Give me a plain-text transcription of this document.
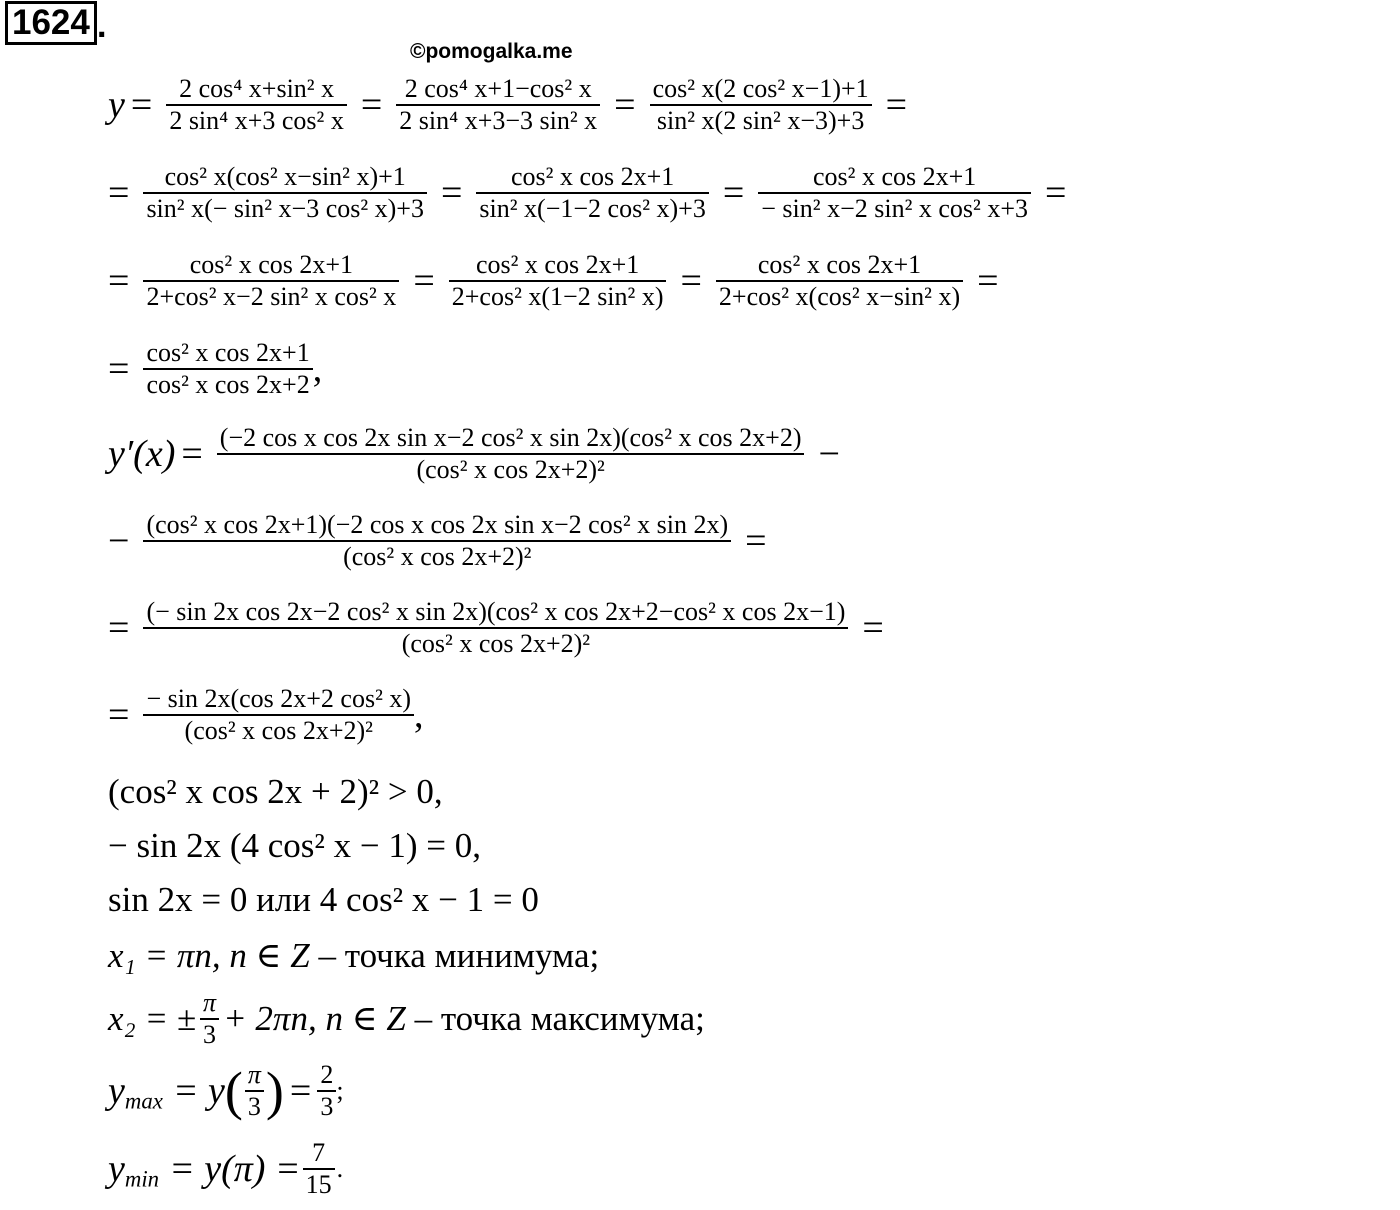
1624 .
©pomogalka.me
$y = \frac{\text{2 cos⁴ x+sin² x}}{\text{2 sin⁴ x+3 cos² x}} = \frac{\text{2 cos⁴ x+1−cos² x}}{\text{2 sin⁴ x+3−3 sin² x}} = \frac{\text{cos² x(2 cos² x−1)+1}}{\text{sin² x(2 sin² x−3)+3}}$ =
= $\frac{\text{cos² x(cos² x−sin² x)+1}}{\text{sin² x(− sin² x−3 cos² x)+3}} = \frac{\text{cos² x cos 2x+1}}{\text{sin² x(−1−2 cos² x)+3}} = \frac{\text{cos² x cos 2x+1}}{\text{− sin² x−2 sin² x cos² x+3}}$ =
= $\frac{\text{cos² x cos 2x+1}}{\text{2+cos² x−2 sin² x cos² x}} = \frac{\text{cos² x cos 2x+1}}{\text{2+cos² x(1−2 sin² x)}} = \frac{\text{cos² x cos 2x+1}}{\text{2+cos² x(cos² x−sin² x)}}$ =
= $\frac{\text{cos² x cos 2x+1}}{\text{cos² x cos 2x+2}}$ ,
$y'(x) = \frac{\text{(−2 cos x cos 2x sin x−2 cos² x sin 2x)(cos² x cos 2x+2)}}{\text{(cos² x cos 2x+2)²}}$ −
− $\frac{\text{(cos² x cos 2x+1)(−2 cos x cos 2x sin x−2 cos² x sin 2x)}}{\text{(cos² x cos 2x+2)²}}$ =
= (− sin 2x cos 2x−2 cos² x sin 2x)(cos² x cos 2x+2−cos² x cos 2x−1)
(cos² x cos 2x+2)²	=
= $\frac{\text{− sin 2x(cos 2x+2 cos² x)}}{\text{(cos² x cos 2x+2)²}}$ ,
(cos² x cos 2x + 2)² > 0,
− sin 2x (4 cos² x − 1) = 0,
sin 2x = 0 или 4 cos² x − 1 = 0
x₁ = πn, n ∈ Z – точка минимума;
x₂ = ± $\frac{\pi}{3} + 2\pi n$, n ∈ Z – точка максимума;
$y_{max} = y$ ( $\frac{\pi}{3}$ ) = $\frac{2}{3}$ ;
$y_{min} = y(\pi) = \frac{7}{15}$ .
